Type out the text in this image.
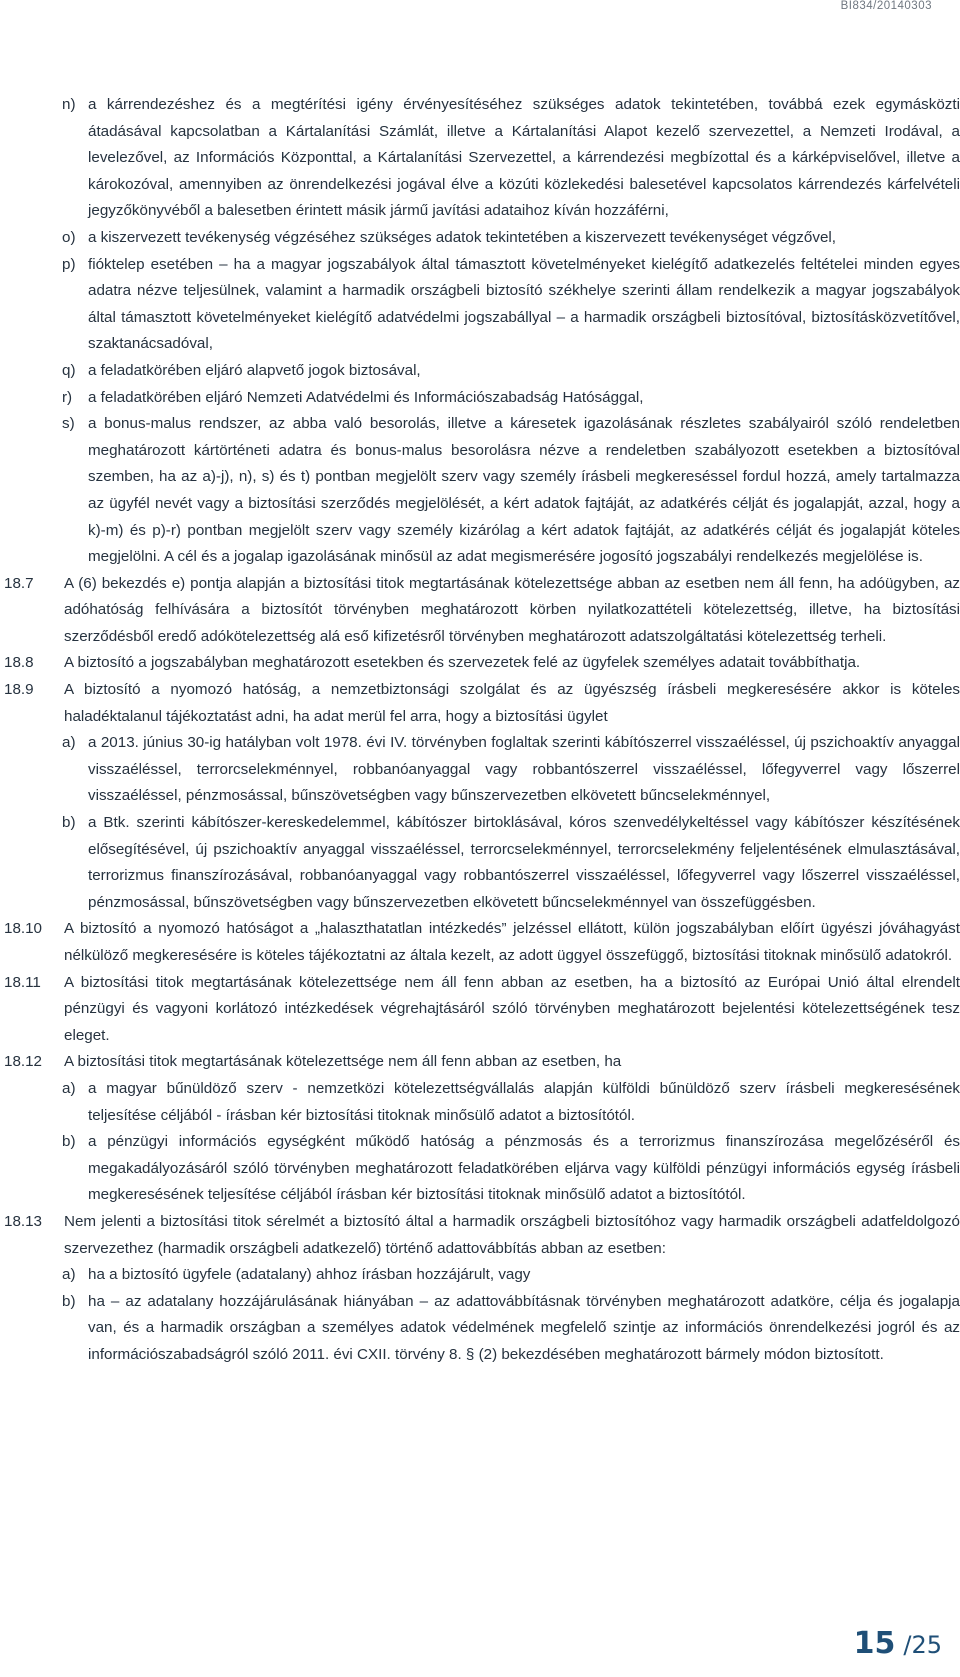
BI834/20140303
n) a kárrendezéshez és a megtérítési igény érvényesítéséhez szükséges adatok tekintetében, továbbá ezek egymásközti átadásával kapcsolatban a Kártalanítási Számlát, illetve a Kártalanítási Alapot kezelő szervezettel, a Nemzeti Irodával, a levelezővel, az Információs Központtal, a Kártalanítási Szervezettel, a kárrendezési megbízottal és a kárképviselővel, illetve a károkozóval, amennyiben az önrendelkezési jogával élve a közúti közlekedési balesetével kapcsolatos kárrendezés kárfelvételi jegyzőkönyvéből a balesetben érintett másik jármű javítási adataihoz kíván hozzáférni,
o) a kiszervezett tevékenység végzéséhez szükséges adatok tekintetében a kiszervezett tevékenységet végzővel,
p) fióktelep esetében – ha a magyar jogszabályok által támasztott követelményeket kielégítő adatkezelés feltételei minden egyes adatra nézve teljesülnek, valamint a harmadik országbeli biztosító székhelye szerinti állam rendelkezik a magyar jogszabályok által támasztott követelményeket kielégítő adatvédelmi jogszabállyal – a harmadik országbeli biztosítóval, biztosításközvetítővel, szaktanácsadóval,
q) a feladatkörében eljáró alapvető jogok biztosával,
r) a feladatkörében eljáró Nemzeti Adatvédelmi és Információszabadság Hatósággal,
s) a bonus-malus rendszer, az abba való besorolás, illetve a káresetek igazolásának részletes szabályairól szóló rendeletben meghatározott kártörténeti adatra és bonus-malus besorolásra nézve a rendeletben szabályozott esetekben a biztosítóval szemben, ha az a)-j), n), s) és t) pontban megjelölt szerv vagy személy írásbeli megkereséssel fordul hozzá, amely tartalmazza az ügyfél nevét vagy a biztosítási szerződés megjelölését, a kért adatok fajtáját, az adatkérés célját és jogalapját, azzal, hogy a k)-m) és p)-r) pontban megjelölt szerv vagy személy kizárólag a kért adatok fajtáját, az adatkérés célját és jogalapját köteles megjelölni. A cél és a jogalap igazolásának minősül az adat megismerésére jogosító jogszabályi rendelkezés megjelölése is.
18.7 A (6) bekezdés e) pontja alapján a biztosítási titok megtartásának kötelezettsége abban az esetben nem áll fenn, ha adóügyben, az adóhatóság felhívására a biztosítót törvényben meghatározott körben nyilatkozattételi kötelezettség, illetve, ha biztosítási szerződésből eredő adókötelezettség alá eső kifizetésről törvényben meghatározott adatszolgáltatási kötelezettség terheli.
18.8 A biztosító a jogszabályban meghatározott esetekben és szervezetek felé az ügyfelek személyes adatait továbbíthatja.
18.9 A biztosító a nyomozó hatóság, a nemzetbiztonsági szolgálat és az ügyészség írásbeli megkeresésére akkor is köteles haladéktalanul tájékoztatást adni, ha adat merül fel arra, hogy a biztosítási ügylet
a) a 2013. június 30-ig hatályban volt 1978. évi IV. törvényben foglaltak szerinti kábítószerrel visszaéléssel, új pszichoaktív anyaggal visszaéléssel, terrorcselekménnyel, robbanóanyaggal vagy robbantószerrel visszaéléssel, lőfegyverrel vagy lőszerrel visszaéléssel, pénzmosással, bűnszövetségben vagy bűnszervezetben elkövetett bűncselekménnyel,
b) a Btk. szerinti kábítószer-kereskedelemmel, kábítószer birtoklásával, kóros szenvedélykeltéssel vagy kábítószer készítésének elősegítésével, új pszichoaktív anyaggal visszaéléssel, terrorcselekménnyel, terrorcselekmény feljelentésének elmulasztásával, terrorizmus finanszírozásával, robbanóanyaggal vagy robbantószerrel visszaéléssel, lőfegyverrel vagy lőszerrel visszaéléssel, pénzmosással, bűnszövetségben vagy bűnszervezetben elkövetett bűncselekménnyel van összefüggésben.
18.10 A biztosító a nyomozó hatóságot a „halaszthatatlan intézkedés” jelzéssel ellátott, külön jogszabályban előírt ügyészi jóváhagyást nélkülöző megkeresésére is köteles tájékoztatni az általa kezelt, az adott üggyel összefüggő, biztosítási titoknak minősülő adatokról.
18.11 A biztosítási titok megtartásának kötelezettsége nem áll fenn abban az esetben, ha a biztosító az Európai Unió által elrendelt pénzügyi és vagyoni korlátozó intézkedések végrehajtásáról szóló törvényben meghatározott bejelentési kötelezettségének tesz eleget.
18.12 A biztosítási titok megtartásának kötelezettsége nem áll fenn abban az esetben, ha
a) a magyar bűnüldöző szerv - nemzetközi kötelezettségvállalás alapján külföldi bűnüldöző szerv írásbeli megkeresésének teljesítése céljából - írásban kér biztosítási titoknak minősülő adatot a biztosítótól.
b) a pénzügyi információs egységként működő hatóság a pénzmosás és a terrorizmus finanszírozása megelőzéséről és megakadályozásáról szóló törvényben meghatározott feladatkörében eljárva vagy külföldi pénzügyi információs egység írásbeli megkeresésének teljesítése céljából írásban kér biztosítási titoknak minősülő adatot a biztosítótól.
18.13 Nem jelenti a biztosítási titok sérelmét a biztosító által a harmadik országbeli biztosítóhoz vagy harmadik országbeli adatfeldolgozó szervezethez (harmadik országbeli adatkezelő) történő adattovábbítás abban az esetben:
a) ha a biztosító ügyfele (adatalany) ahhoz írásban hozzájárult, vagy
b) ha – az adatalany hozzájárulásának hiányában – az adattovábbításnak törvényben meghatározott adatköre, célja és jogalapja van, és a harmadik országban a személyes adatok védelmének megfelelő szintje az információs önrendelkezési jogról és az információszabadságról szóló 2011. évi CXII. törvény 8. § (2) bekezdésében meghatározott bármely módon biztosított.
15 /25
